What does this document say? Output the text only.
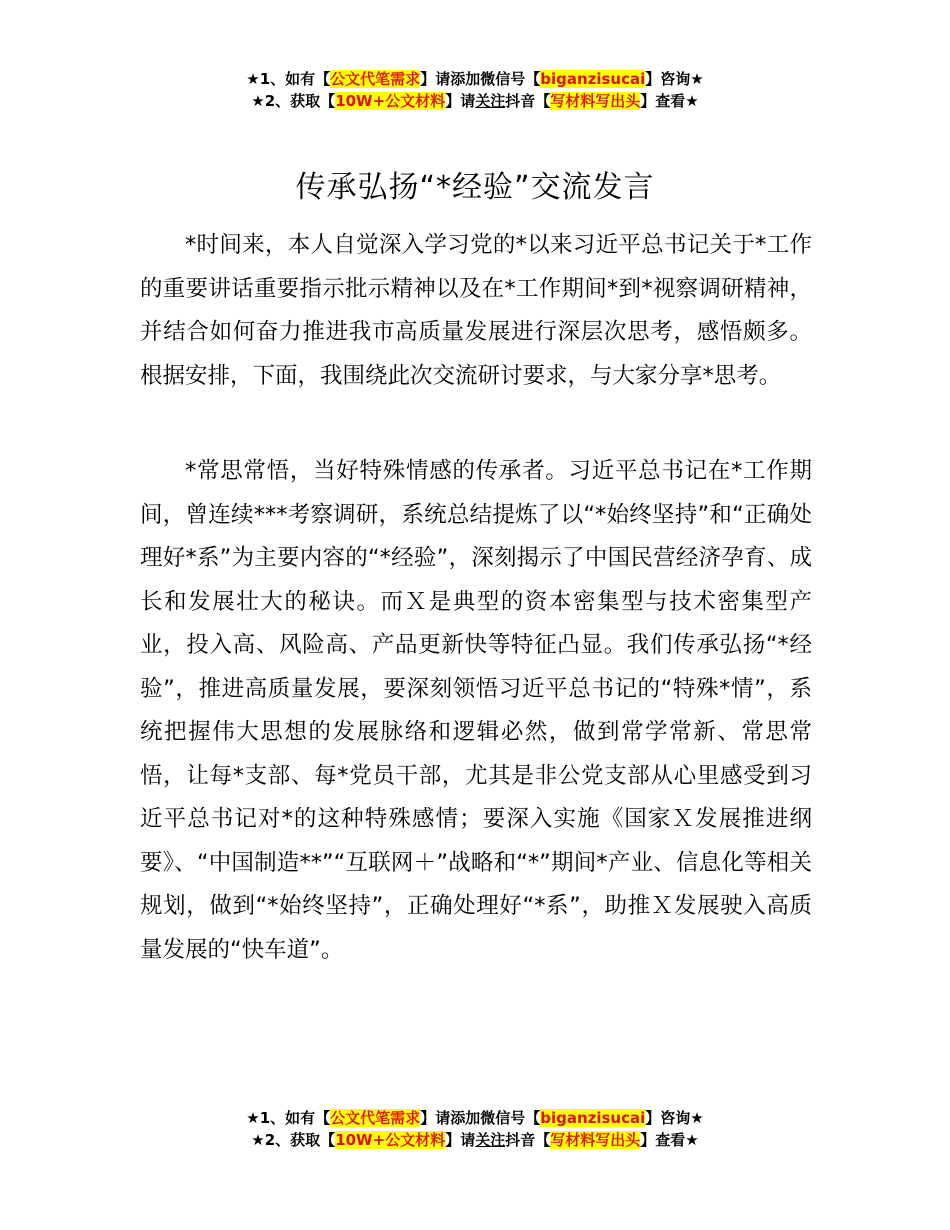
★1、如有【公文代笔需求】请添加微信号【biganzisucai】咨询★
★2、获取【10W+公文材料】请关注抖音【写材料写出头】查看★
传承弘扬“*经验”交流发言

*时间来，本人自觉深入学习党的*以来习近平总书记关于*工作的重要讲话重要指示批示精神以及在*工作期间*到*视察调研精神，并结合如何奋力推进我市高质量发展进行深层次思考，感悟颇多。根据安排，下面，我围绕此次交流研讨要求，与大家分享*思考。

*常思常悟，当好特殊情感的传承者。习近平总书记在*工作期间，曾连续***考察调研，系统总结提炼了以“*始终坚持”和“正确处理好*系”为主要内容的“*经验”，深刻揭示了中国民营经济孕育、成长和发展壮大的秘诀。而Ｘ是典型的资本密集型与技术密集型产业，投入高、风险高、产品更新快等特征凸显。我们传承弘扬“*经验”，推进高质量发展，要深刻领悟习近平总书记的“特殊*情”，系统把握伟大思想的发展脉络和逻辑必然，做到常学常新、常思常悟，让每*支部、每*党员干部，尤其是非公党支部从心里感受到习近平总书记对*的这种特殊感情；要深入实施《国家Ｘ发展推进纲要》、“中国制造**”“互联网＋”战略和“*”期间*产业、信息化等相关规划，做到“*始终坚持”，正确处理好“*系”，助推Ｘ发展驶入高质量发展的“快车道”。

★1、如有【公文代笔需求】请添加微信号【biganzisucai】咨询★
★2、获取【10W+公文材料】请关注抖音【写材料写出头】查看★
